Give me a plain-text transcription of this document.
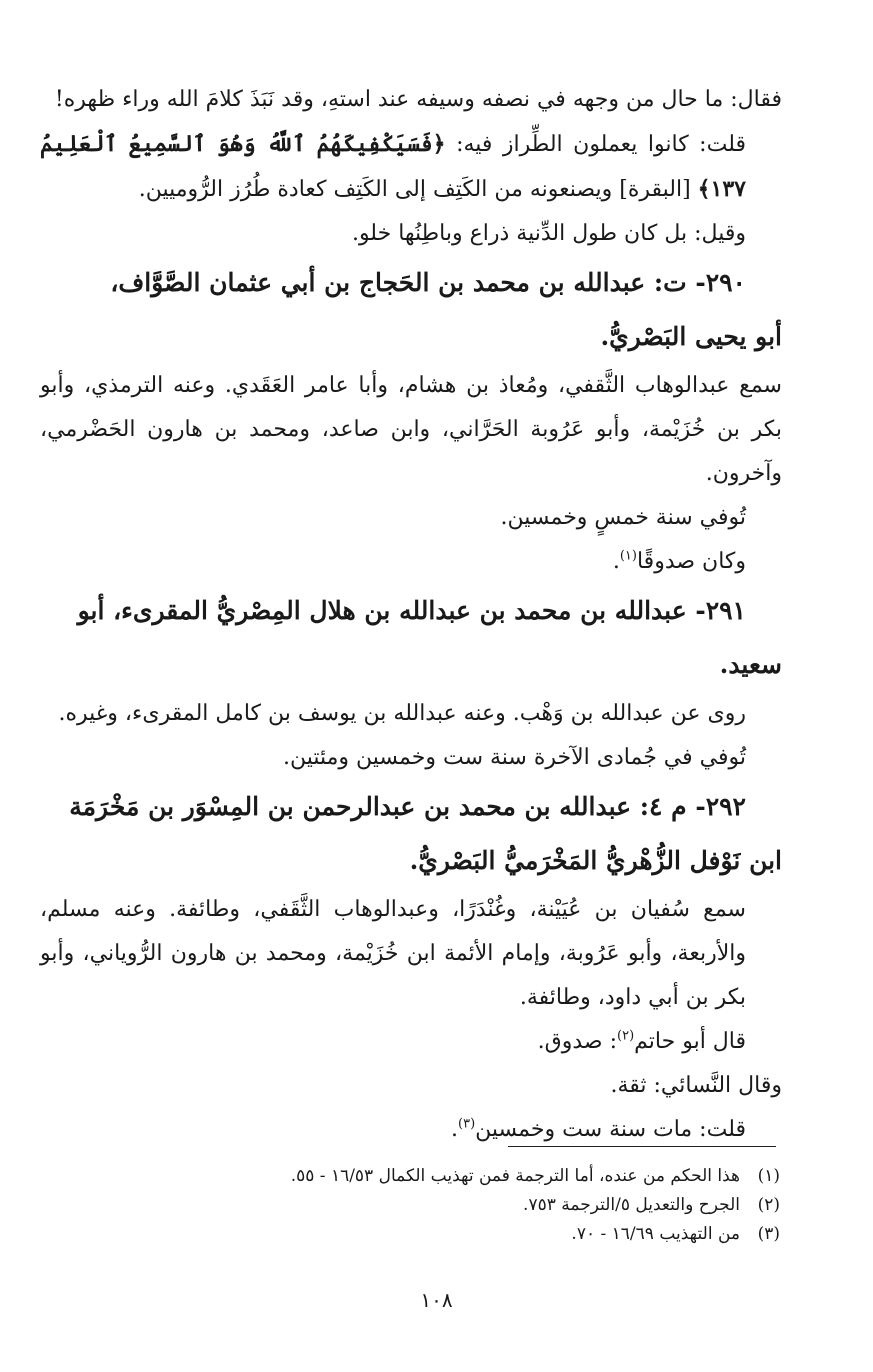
فقال: ما حال من وجهه في نصفه وسيفه عند استهِ، وقد نَبَذَ كلامَ الله وراء ظهره!

قلت: كانوا يعملون الطِّراز فيه: ﴿فَسَيَكْفِيكَهُمُ ٱللَّهُ وَهُوَ ٱلسَّمِيعُ ٱلْعَلِيمُ ١٣٧﴾ [البقرة] ويصنعونه من الكَتِف إلى الكَتِف كعادة طُرُز الرُّوميين.

وقيل: بل كان طول الدِّنية ذراع وباطِنُها خلو.

٢٩٠- ت: عبدالله بن محمد بن الحَجاج بن أبي عثمان الصَّوَّاف،
أبو يحيى البَصْريُّ.

سمع عبدالوهاب الثَّقفي، ومُعاذ بن هشام، وأبا عامر العَقَدي. وعنه الترمذي، وأبو بكر بن خُزَيْمة، وأبو عَرُوبة الحَرَّاني، وابن صاعد، ومحمد بن هارون الحَضْرمي، وآخرون.

تُوفي سنة خمسٍ وخمسين.

وكان صدوقًا$^{(١)}$.

٢٩١- عبدالله بن محمد بن عبدالله بن هلال المِصْريُّ المقرىء، أبو
سعيد.

روى عن عبدالله بن وَهْب. وعنه عبدالله بن يوسف بن كامل المقرىء، وغيره.

تُوفي في جُمادى الآخرة سنة ست وخمسين ومئتين.

٢٩٢- م ٤: عبدالله بن محمد بن عبدالرحمن بن المِسْوَر بن مَخْرَمَة
ابن نَوْفل الزُّهْريُّ المَخْرَميُّ البَصْريُّ.

سمع سُفيان بن عُيَيْنة، وغُنْدَرًا، وعبدالوهاب الثَّقَفي، وطائفة. وعنه مسلم، والأربعة، وأبو عَرُوبة، وإمام الأئمة ابن خُزَيْمة، ومحمد بن هارون الرُّوياني، وأبو بكر بن أبي داود، وطائفة.

قال أبو حاتم$^{(٢)}$: صدوق.

وقال النَّسائي: ثقة.

قلت: مات سنة ست وخمسين$^{(٣)}$.

(١)
هذا الحكم من عنده، أما الترجمة فمن تهذيب الكمال ١٦/٥٣ - ٥٥.
(٢)
الجرح والتعديل ٥/الترجمة ٧٥٣.
(٣)
من التهذيب ١٦/٦٩ - ٧٠.
١٠٨
